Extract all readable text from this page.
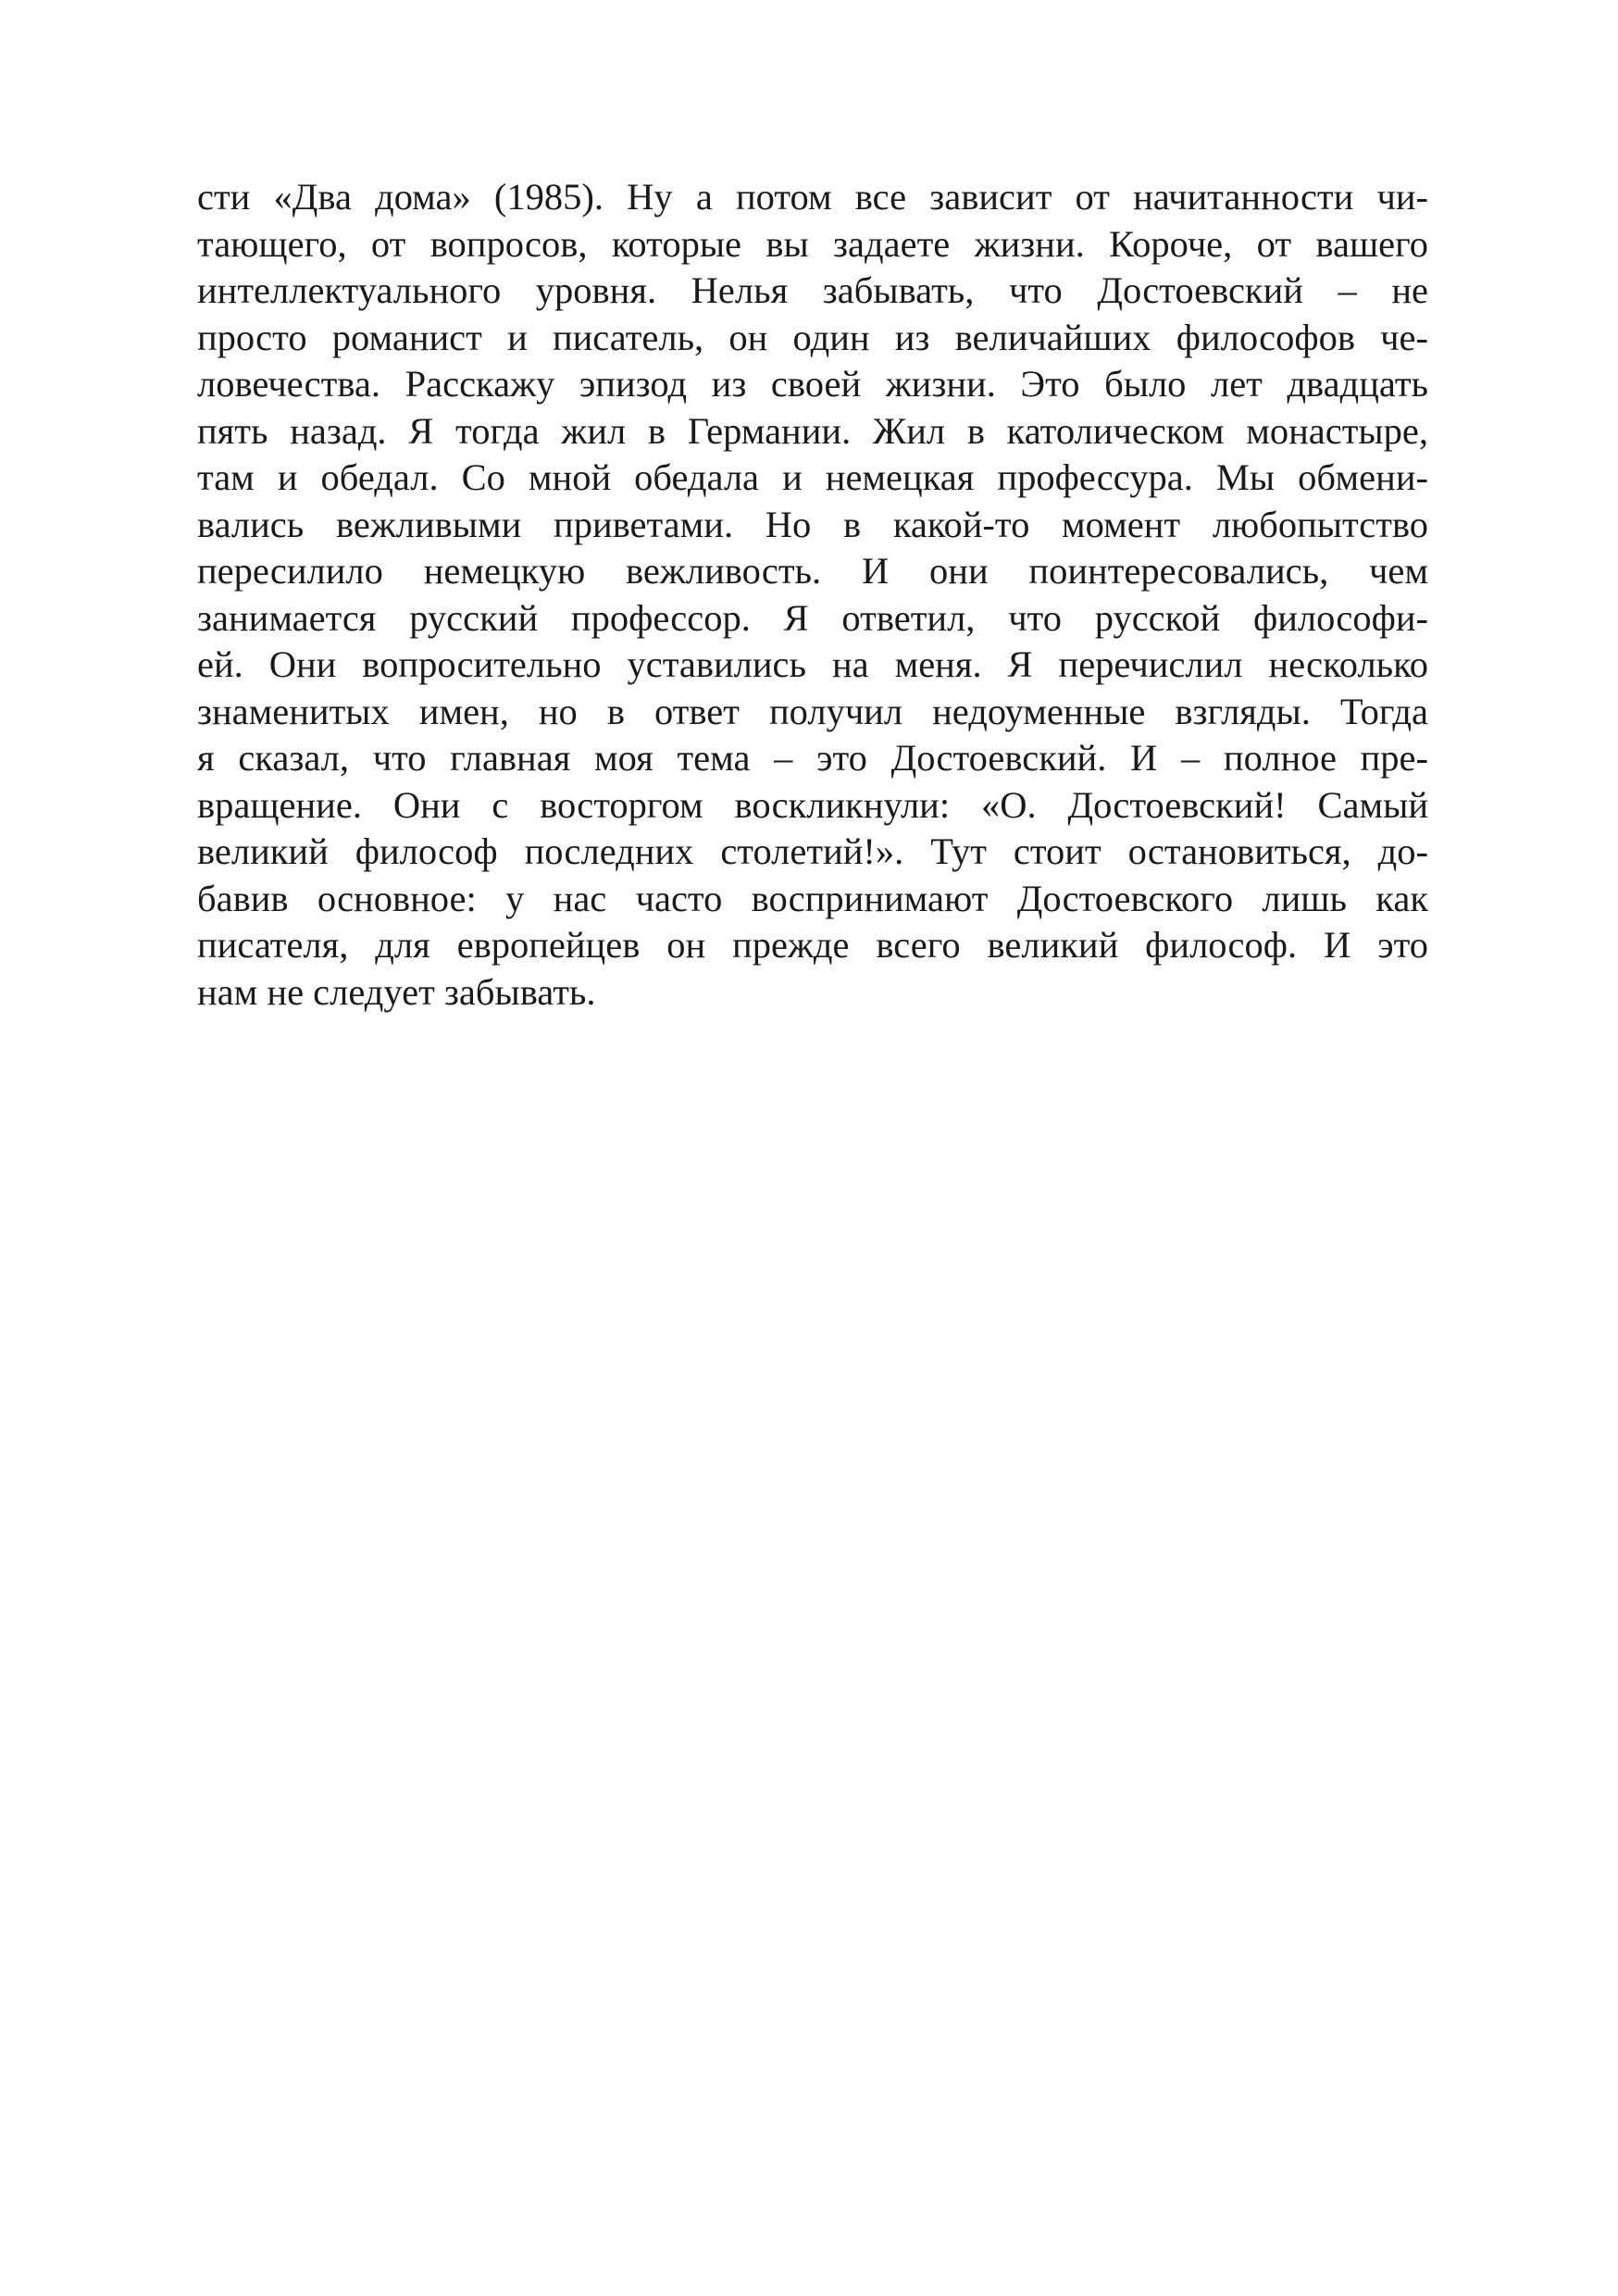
сти «Два дома» (1985). Ну а потом все зависит от начитанности чи-
тающего, от вопросов, которые вы задаете жизни. Короче, от вашего
интеллектуального уровня. Нелья забывать, что Достоевский – не
просто романист и писатель, он один из величайших философов че-
ловечества. Расскажу эпизод из своей жизни. Это было лет двадцать
пять назад. Я тогда жил в Германии. Жил в католическом монастыре,
там и обедал. Со мной обедала и немецкая профессура. Мы обмени-
вались вежливыми приветами. Но в какой-то момент любопытство
пересилило немецкую вежливость. И они поинтересовались, чем
занимается русский профессор. Я ответил, что русской философи-
ей. Они вопросительно уставились на меня. Я перечислил несколько
знаменитых имен, но в ответ получил недоуменные взгляды. Тогда
я сказал, что главная моя тема – это Достоевский. И – полное пре-
вращение. Они с восторгом воскликнули: «О. Достоевский! Самый
великий философ последних столетий!». Тут стоит остановиться, до-
бавив основное: у нас часто воспринимают Достоевского лишь как
писателя, для европейцев он прежде всего великий философ. И это
нам не следует забывать.
